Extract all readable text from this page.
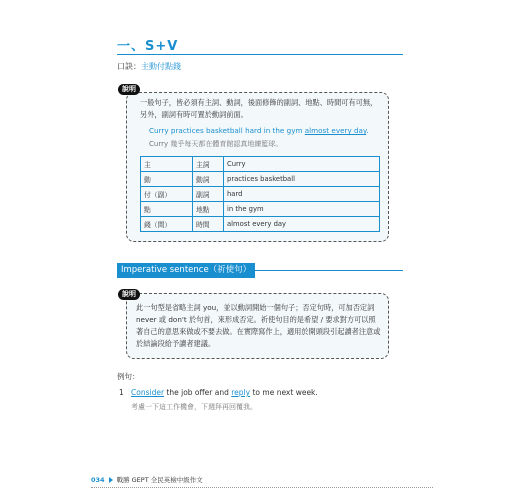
一、S+V
口訣：主動付點錢
說明
一般句子，皆必須有主詞、動詞，後面修飾的副詞、地點、時間可有可無，另外，副詞有時可置於動詞前面。
Curry practices basketball hard in the gym almost every day.
Curry 幾乎每天都在體育館認真地練籃球。
主	主詞	Curry
動	動詞	practices basketball
付（副）	副詞	hard
點	地點	in the gym
錢（間）	時間	almost every day
Imperative sentence（祈使句）
說明
此一句型是省略主詞 you，並以動詞開始一個句子；否定句時，可加否定詞 never 或 don't 於句首，來形成否定。祈使句目的是希望 / 要求對方可以照著自己的意思來做或不要去做。在實際寫作上，適用於開頭段引起讀者注意或於結論段給予讀者建議。
例句：
1 Consider the job offer and reply to me next week.
考慮一下這工作機會，下週拜再回覆我。
034 戰勝 GEPT 全民英檢中級作文
